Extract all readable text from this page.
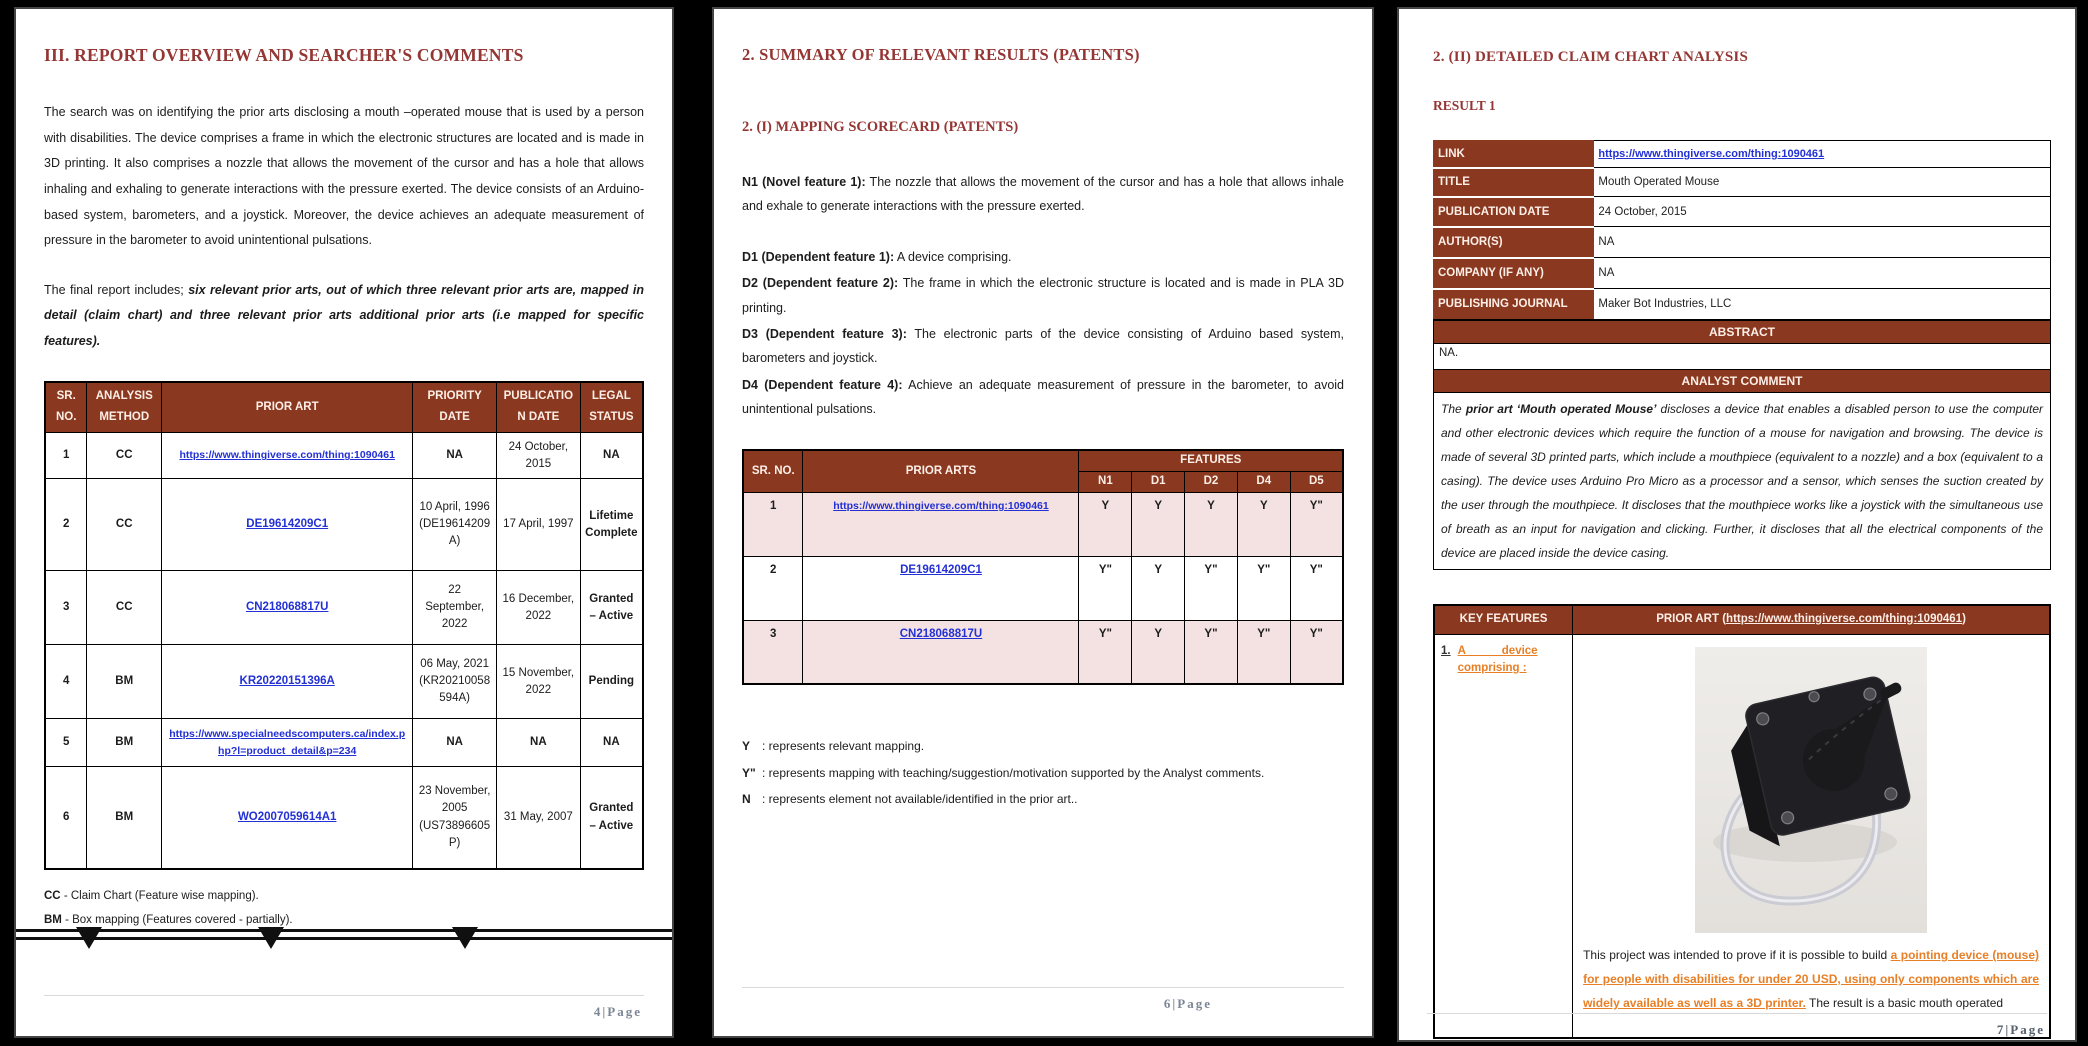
III. REPORT OVERVIEW AND SEARCHER'S COMMENTS

The search was on identifying the prior arts disclosing a mouth –operated mouse that is used by a person with disabilities. The device comprises a frame in which the electronic structures are located and is made in 3D printing. It also comprises a nozzle that allows the movement of the cursor and has a hole that allows inhaling and exhaling to generate interactions with the pressure exerted. The device consists of an Arduino-based system, barometers, and a joystick. Moreover, the device achieves an adequate measurement of pressure in the barometer to avoid unintentional pulsations.

The final report includes; six relevant prior arts, out of which three relevant prior arts are, mapped in detail (claim chart) and three relevant prior arts additional prior arts (i.e mapped for specific features).

SR. NO.	ANALYSIS METHOD	PRIOR ART	PRIORITY DATE	PUBLICATION DATE	LEGAL STATUS
1	CC	https://www.thingiverse.com/thing:1090461	NA	24 October, 2015	NA
2	CC	DE19614209C1	10 April, 1996 (DE19614209A)	17 April, 1997	Lifetime Complete
3	CC	CN218068817U	22 September, 2022	16 December, 2022	Granted – Active
4	BM	KR20220151396A	06 May, 2021 (KR20210058594A)	15 November, 2022	Pending
5	BM	https://www.specialneedscomputers.ca/index.php?l=product_detail&p=234	NA	NA	NA
6	BM	WO2007059614A1	23 November, 2005 (US73896605P)	31 May, 2007	Granted – Active
CC - Claim Chart (Feature wise mapping).
BM - Box mapping (Features covered - partially).
4|Page
2. SUMMARY OF RELEVANT RESULTS (PATENTS)
2. (I) MAPPING SCORECARD (PATENTS)

N1 (Novel feature 1): The nozzle that allows the movement of the cursor and has a hole that allows inhale and exhale to generate interactions with the pressure exerted.

D1 (Dependent feature 1): A device comprising.

D2 (Dependent feature 2): The frame in which the electronic structure is located and is made in PLA 3D printing.

D3 (Dependent feature 3): The electronic parts of the device consisting of Arduino based system, barometers and joystick.

D4 (Dependent feature 4): Achieve an adequate measurement of pressure in the barometer, to avoid unintentional pulsations.

SR. NO.	PRIOR ARTS	FEATURES				
		N1	D1	D2	D4	D5
1	https://www.thingiverse.com/thing:1090461	Y	Y	Y	Y	Y"
2	DE19614209C1	Y"	Y	Y"	Y"	Y"
3	CN218068817U	Y"	Y	Y"	Y"	Y"
Y : represents relevant mapping.
Y" : represents mapping with teaching/suggestion/motivation supported by the Analyst comments.
N : represents element not available/identified in the prior art..
6|Page
2. (II) DETAILED CLAIM CHART ANALYSIS
RESULT 1
LINK	https://www.thingiverse.com/thing:1090461
TITLE	Mouth Operated Mouse
PUBLICATION DATE	24 October, 2015
AUTHOR(S)	NA
COMPANY (IF ANY)	NA
PUBLISHING JOURNAL	Maker Bot Industries, LLC
ABSTRACT
NA.
ANALYST COMMENT
The prior art ‘Mouth operated Mouse’ discloses a device that enables a disabled person to use the computer and other electronic devices which require the function of a mouse for navigation and browsing. The device is made of several 3D printed parts, which include a mouthpiece (equivalent to a nozzle) and a box (equivalent to a casing). The device uses Arduino Pro Micro as a processor and a sensor, which senses the suction created by the user through the mouthpiece. It discloses that the mouthpiece works like a joystick with the simultaneous use of breath as an input for navigation and clicking. Further, it discloses that all the electrical components of the device are placed inside the device casing.
KEY FEATURES	PRIOR ART (https://www.thingiverse.com/thing:1090461)

1. A device comprising :	This project was intended to prove if it is possible to build a pointing device (mouse) for people with disabilities for under 20 USD, using only components which are widely available as well as a 3D printer. The result is a basic mouth operated

7|Page
